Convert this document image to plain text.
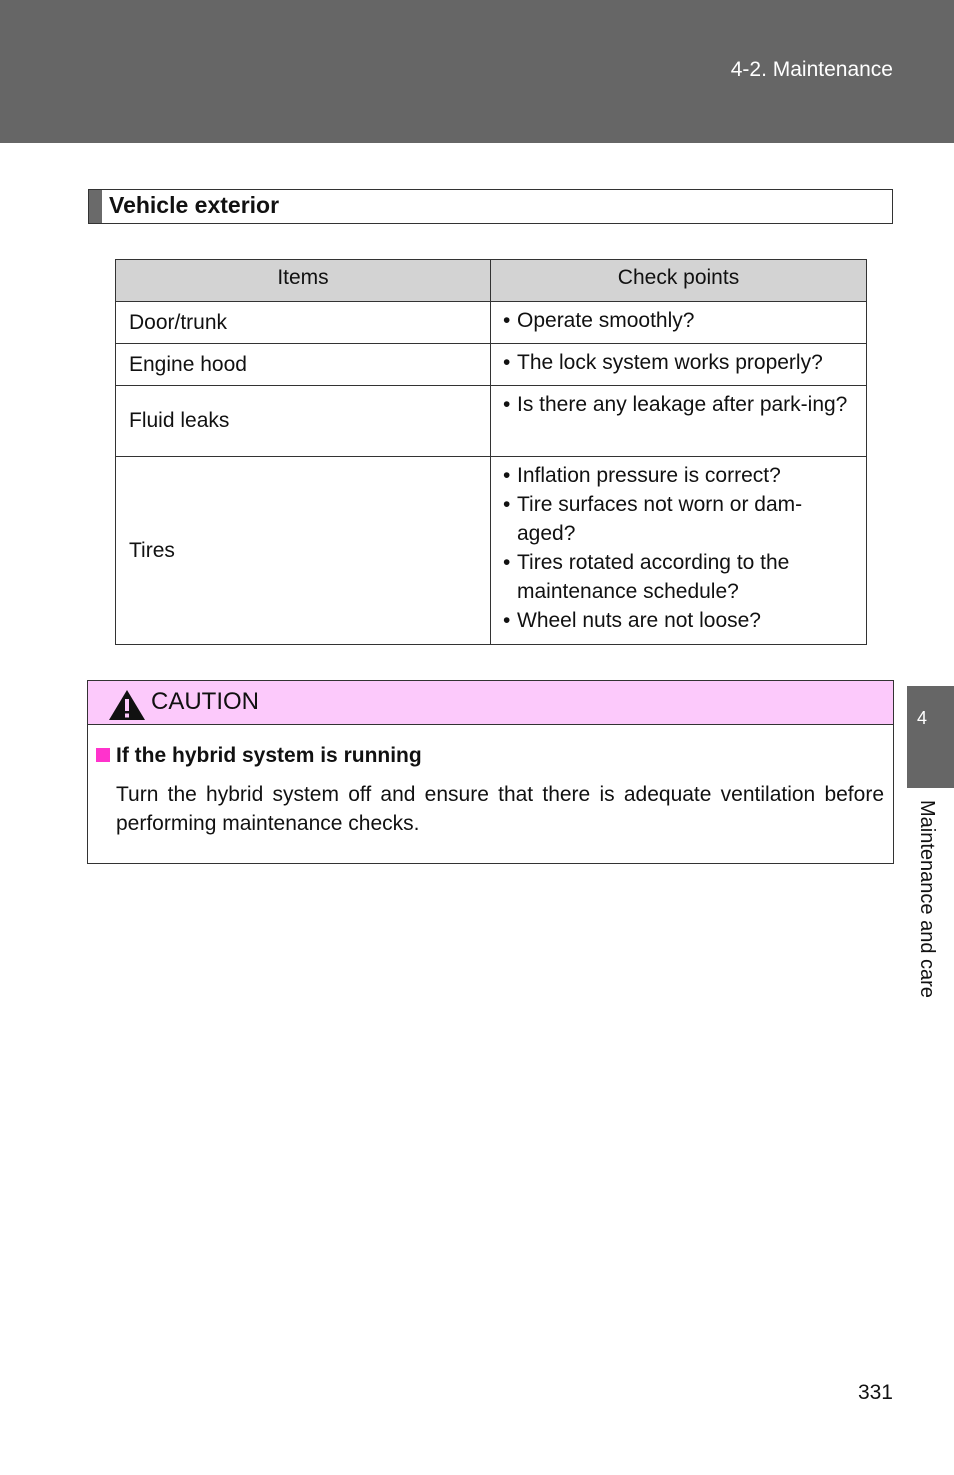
4-2. Maintenance
Vehicle exterior
Items	Check points
Door/trunk	• Operate smoothly?

Engine hood	• The lock system works properly?

Fluid leaks	• Is there any leakage after park-ing?

Tires	• Inflation pressure is correct?
• Tire surfaces not worn or dam-aged?
• Tires rotated according to the maintenance schedule?
• Wheel nuts are not loose?
CAUTION
If the hybrid system is running

Turn the hybrid system off and ensure that there is adequate ventilation before performing maintenance checks.

4
Maintenance and care
331
